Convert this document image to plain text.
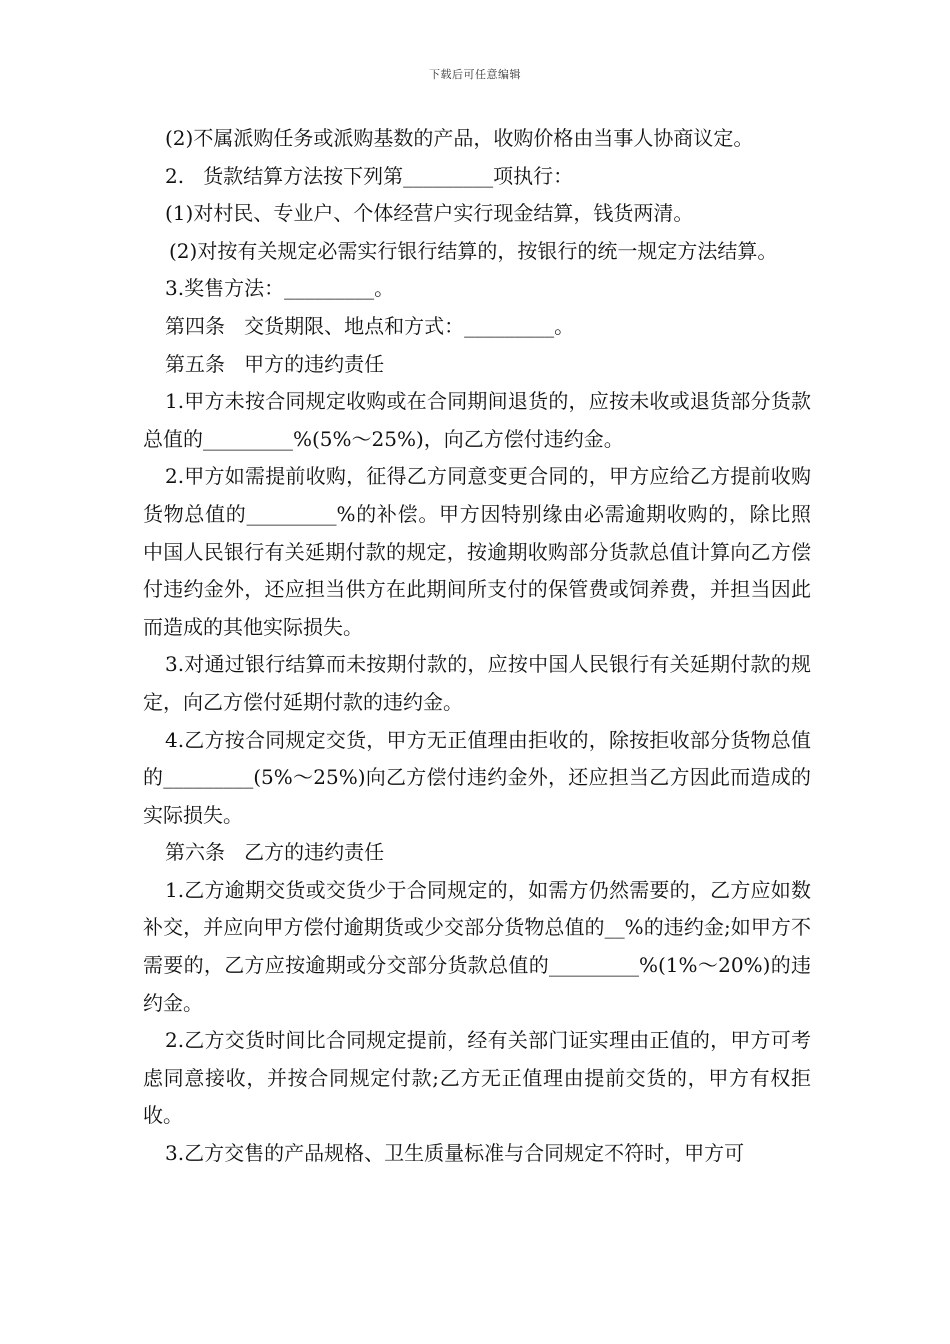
下载后可任意编辑

(2)不属派购任务或派购基数的产品，收购价格由当事人协商议定。

2.   货款结算方法按下列第_________项执行：

(1)对村民、专业户、个体经营户实行现金结算，钱货两清。

(2)对按有关规定必需实行银行结算的，按银行的统一规定方法结算。

3.奖售方法：_________。

第四条   交货期限、地点和方式：_________。

第五条   甲方的违约责任

1.甲方未按合同规定收购或在合同期间退货的，应按未收或退货部分货款总值的_________%(5%～25%)，向乙方偿付违约金。

2.甲方如需提前收购，征得乙方同意变更合同的，甲方应给乙方提前收购货物总值的_________%的补偿。甲方因特别缘由必需逾期收购的，除比照中国人民银行有关延期付款的规定，按逾期收购部分货款总值计算向乙方偿付违约金外，还应担当供方在此期间所支付的保管费或饲养费，并担当因此而造成的其他实际损失。

3.对通过银行结算而未按期付款的，应按中国人民银行有关延期付款的规定，向乙方偿付延期付款的违约金。

4.乙方按合同规定交货，甲方无正值理由拒收的，除按拒收部分货物总值的_________(5%～25%)向乙方偿付违约金外，还应担当乙方因此而造成的实际损失。

第六条   乙方的违约责任

1.乙方逾期交货或交货少于合同规定的，如需方仍然需要的，乙方应如数补交，并应向甲方偿付逾期货或少交部分货物总值的__%的违约金;如甲方不需要的，乙方应按逾期或分交部分货款总值的_________%(1%～20%)的违约金。

2.乙方交货时间比合同规定提前，经有关部门证实理由正值的，甲方可考虑同意接收，并按合同规定付款;乙方无正值理由提前交货的，甲方有权拒收。

3.乙方交售的产品规格、卫生质量标准与合同规定不符时，甲方可
